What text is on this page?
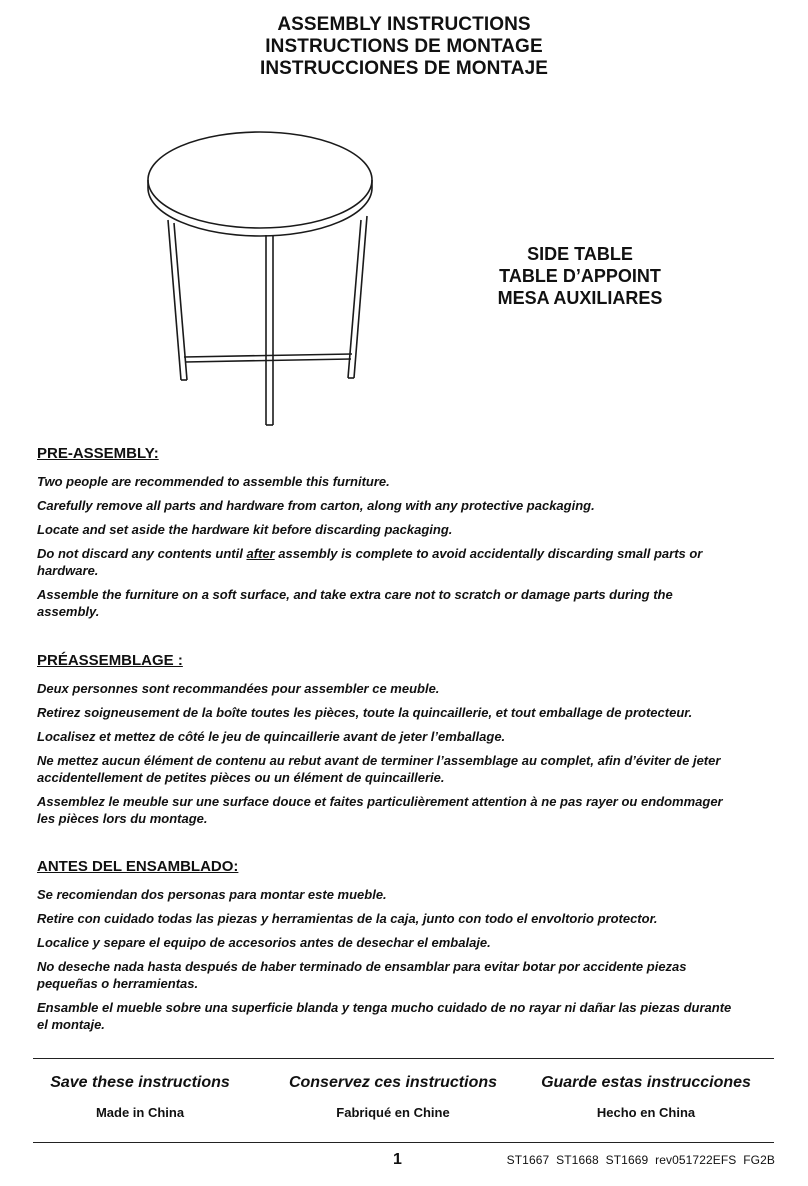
ASSEMBLY INSTRUCTIONS
INSTRUCTIONS DE MONTAGE
INSTRUCCIONES DE MONTAJE
SIDE TABLE
TABLE D’APPOINT
MESA AUXILIARES
PRE-ASSEMBLY:

Two people are recommended to assemble this furniture.

Carefully remove all parts and hardware from carton, along with any protective packaging.

Locate and set aside the hardware kit before discarding packaging.

Do not discard any contents until after assembly is complete to avoid accidentally discarding small parts or hardware.

Assemble the furniture on a soft surface, and take extra care not to scratch or damage parts during the assembly.

PRÉASSEMBLAGE :

Deux personnes sont recommandées pour assembler ce meuble.

Retirez soigneusement de la boîte toutes les pièces, toute la quincaillerie, et tout emballage de protecteur.

Localisez et mettez de côté le jeu de quincaillerie avant de jeter l’emballage.

Ne mettez aucun élément de contenu au rebut avant de terminer l’assemblage au complet, afin d’éviter de jeter accidentellement de petites pièces ou un élément de quincaillerie.

Assemblez le meuble sur une surface douce et faites particulièrement attention à ne pas rayer ou endommager les pièces lors du montage.

ANTES DEL ENSAMBLADO:

Se recomiendan dos personas para montar este mueble.

Retire con cuidado todas las piezas y herramientas de la caja, junto con todo el envoltorio protector.

Localice y separe el equipo de accesorios antes de desechar el embalaje.

No deseche nada hasta después de haber terminado de ensamblar para evitar botar por accidente piezas pequeñas o herramientas.

Ensamble el mueble sobre una superficie blanda y tenga mucho cuidado de no rayar ni dañar las piezas durante el montaje.

Save these instructions
Made in China
Conservez ces instructions
Fabriqué en Chine
Guarde estas instrucciones
Hecho en China
1	ST1667  ST1668  ST1669  rev051722EFS  FG2B
